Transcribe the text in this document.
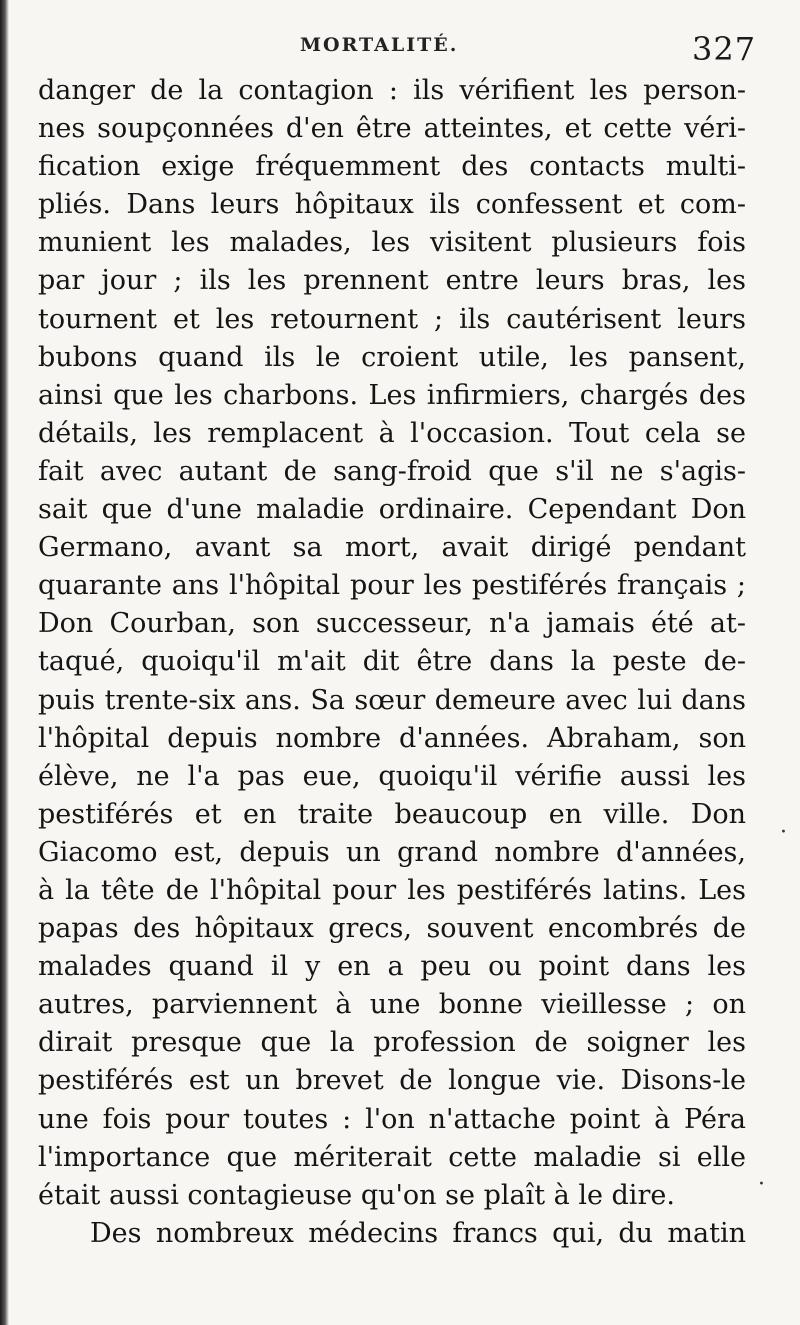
MORTALITÉ.	327
danger de la contagion : ils vérifient les person-
nes soupçonnées d'en être atteintes, et cette véri-
fication exige fréquemment des contacts multi-
pliés. Dans leurs hôpitaux ils confessent et com-
munient les malades, les visitent plusieurs fois
par jour ; ils les prennent entre leurs bras, les
tournent et les retournent ; ils cautérisent leurs
bubons quand ils le croient utile, les pansent,
ainsi que les charbons. Les infirmiers, chargés des
détails, les remplacent à l'occasion. Tout cela se
fait avec autant de sang-froid que s'il ne s'agis-
sait que d'une maladie ordinaire. Cependant Don
Germano, avant sa mort, avait dirigé pendant
quarante ans l'hôpital pour les pestiférés français ;
Don Courban, son successeur, n'a jamais été at-
taqué, quoiqu'il m'ait dit être dans la peste de-
puis trente-six ans. Sa sœur demeure avec lui dans
l'hôpital depuis nombre d'années. Abraham, son
élève, ne l'a pas eue, quoiqu'il vérifie aussi les
pestiférés et en traite beaucoup en ville. Don
Giacomo est, depuis un grand nombre d'années,
à la tête de l'hôpital pour les pestiférés latins. Les
papas des hôpitaux grecs, souvent encombrés de
malades quand il y en a peu ou point dans les
autres, parviennent à une bonne vieillesse ; on
dirait presque que la profession de soigner les
pestiférés est un brevet de longue vie. Disons-le
une fois pour toutes : l'on n'attache point à Péra
l'importance que mériterait cette maladie si elle
était aussi contagieuse qu'on se plaît à le dire.
Des nombreux médecins francs qui, du matin
·
·
